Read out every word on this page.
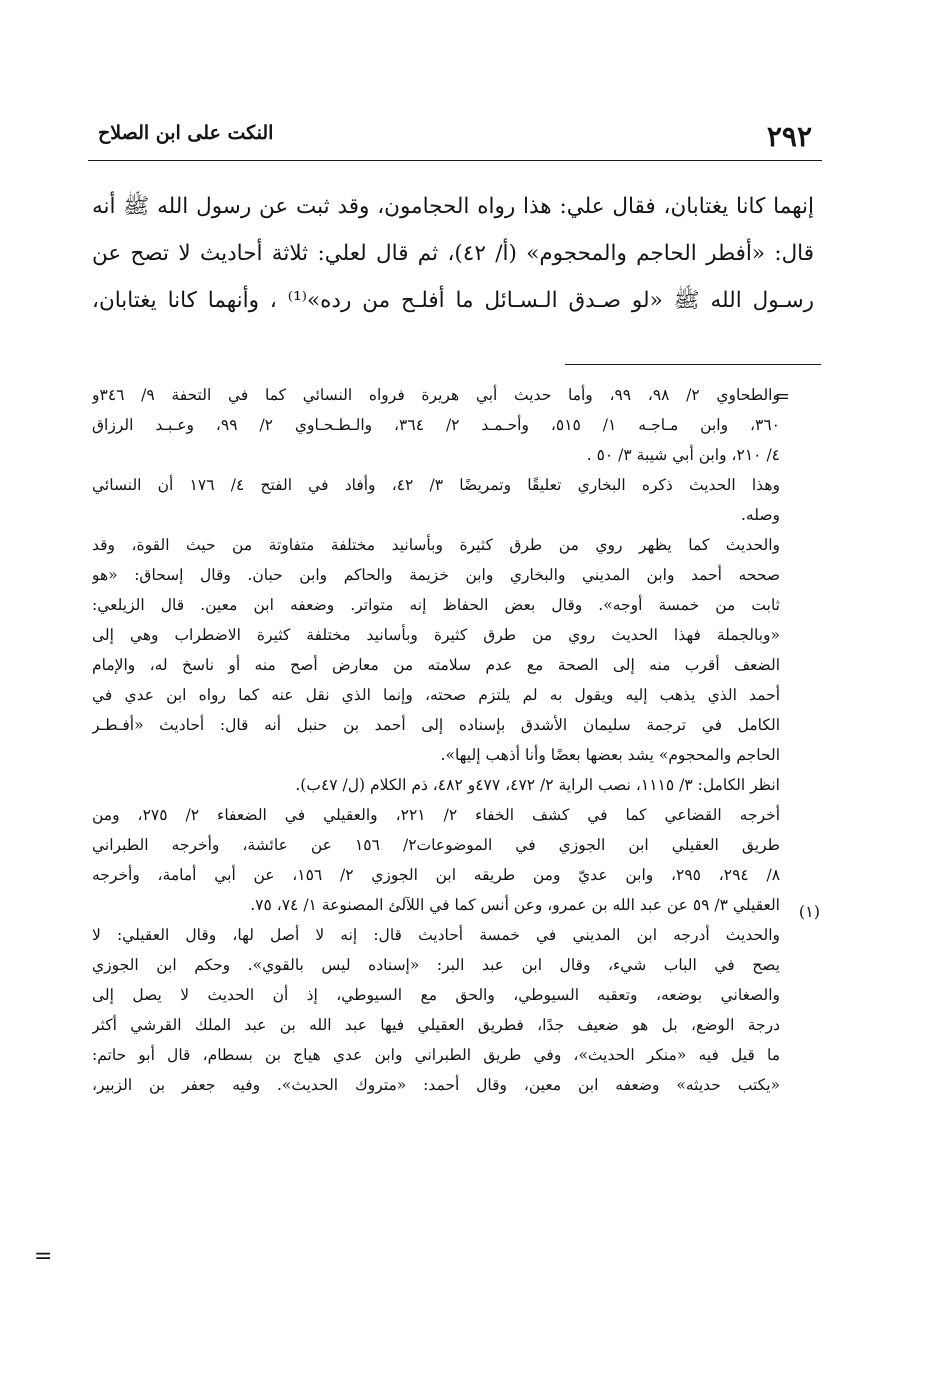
٢٩٢
النكت على ابن الصلاح
إنهما كانا يغتابان، فقال علي: هذا رواه الحجامون، وقد ثبت عن رسول الله ﷺ أنه
قال: «أفطر الحاجم والمحجوم» (أ/ ٤٢)، ثم قال لعلي: ثلاثة أحاديث لا تصح عن
رسـول الله ﷺ «لو صـدق الـسـائل ما أفلـح من رده»⁽¹⁾ ، وأنهما كانا يغتابان،
=
(١)
=
والطحاوي ٢/ ٩٨، ٩٩، وأما حديث أبي هريرة فرواه النسائي كما في التحفة ٩/ ٣٤٦و
٣٦٠، وابن مـاجـه ١/ ٥١٥، وأحـمـد ٢/ ٣٦٤، والـطـحـاوي ٢/ ٩٩، وعـبـد الرزاق
٤/ ٢١٠، وابن أبي شيبة ٣/ ٥٠ .
وهذا الحديث ذكره البخاري تعليقًا وتمريضًا ٣/ ٤٢، وأفاد في الفتح ٤/ ١٧٦ أن النسائي
وصله.
والحديث كما يظهر روي من طرق كثيرة وبأسانيد مختلفة متفاوتة من حيث القوة، وقد
صححه أحمد وابن المديني والبخاري وابن خزيمة والحاكم وابن حبان. وقال إسحاق: «هو
ثابت من خمسة أوجه». وقال بعض الحفاظ إنه متواتر. وضعفه ابن معين. قال الزيلعي:
«وبالجملة فهذا الحديث روي من طرق كثيرة وبأسانيد مختلفة كثيرة الاضطراب وهي إلى
الضعف أقرب منه إلى الصحة مع عدم سلامته من معارض أصح منه أو ناسخ له، والإمام
أحمد الذي يذهب إليه ويقول به لم يلتزم صحته، وإنما الذي نقل عنه كما رواه ابن عدي في
الكامل في ترجمة سليمان الأشدق بإسناده إلى أحمد بن حنبل أنه قال: أحاديث «أفـطـر
الحاجم والمحجوم» يشد بعضها بعضًا وأنا أذهب إليها».
انظر الكامل: ٣/ ١١١٥، نصب الراية ٢/ ٤٧٢، ٤٧٧و ٤٨٢، ذم الكلام (ل/ ٤٧ب).
أخرجه القضاعي كما في كشف الخفاء ٢/ ٢٢١، والعقيلي في الضعفاء ٢/ ٢٧٥، ومن
طريق العقيلي ابن الجوزي في الموضوعات٢/ ١٥٦ عن عائشة، وأخرجه الطبراني
٨/ ٢٩٤، ٢٩٥، وابن عديّ ومن طريقه ابن الجوزي ٢/ ١٥٦، عن أبي أمامة، وأخرجه
العقيلي ٣/ ٥٩ عن عبد الله بن عمرو، وعن أنس كما في اللآلئ المصنوعة ١/ ٧٤، ٧٥.
والحديث أدرجه ابن المديني في خمسة أحاديث قال: إنه لا أصل لها، وقال العقيلي: لا
يصح في الباب شيء، وقال ابن عبد البر: «إسناده ليس بالقوي». وحكم ابن الجوزي
والصغاني بوضعه، وتعقبه السيوطي، والحق مع السيوطي، إذ أن الحديث لا يصل إلى
درجة الوضع، بل هو ضعيف جدًا، فطريق العقيلي فيها عبد الله بن عبد الملك القرشي أكثر
ما قيل فيه «منكر الحديث»، وفي طريق الطبراني وابن عدي هياج بن بسطام، قال أبو حاتم:
«يكتب حديثه» وضعفه ابن معين، وقال أحمد: «متروك الحديث». وفيه جعفر بن الزبير،
